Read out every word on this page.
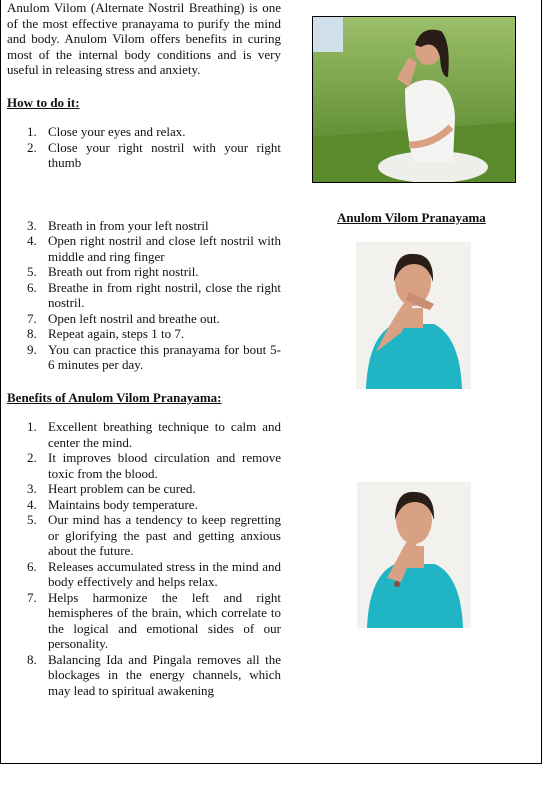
Anulom Vilom (Alternate Nostril Breathing) is one of the most effective pranayama to purify the mind and body. Anulom Vilom offers benefits in curing most of the internal body conditions and is very useful in releasing stress and anxiety.

How to do it:

1. Close your eyes and relax.
2. Close your right nostril with your right thumb
3. Breath in from your left nostril
4. Open right nostril and close left nostril with middle and ring finger
5. Breath out from right nostril.
6. Breathe in from right nostril, close the right nostril.
7. Open left nostril and breathe out.
8. Repeat again, steps 1 to 7.
9. You can practice this pranayama for bout 5-6 minutes per day.

Benefits of Anulom Vilom Pranayama:

1. Excellent breathing technique to calm and center the mind.
2. It improves blood circulation and remove toxic from the blood.
3. Heart problem can be cured.
4. Maintains body temperature.
5. Our mind has a tendency to keep regretting or glorifying the past and getting anxious about the future.
6. Releases accumulated stress in the mind and body effectively and helps relax.
7. Helps harmonize the left and right hemispheres of the brain, which correlate to the logical and emotional sides of our personality.
8. Balancing Ida and Pingala removes all the blockages in the energy channels, which may lead to spiritual awakening

Anulom Vilom Pranayama
